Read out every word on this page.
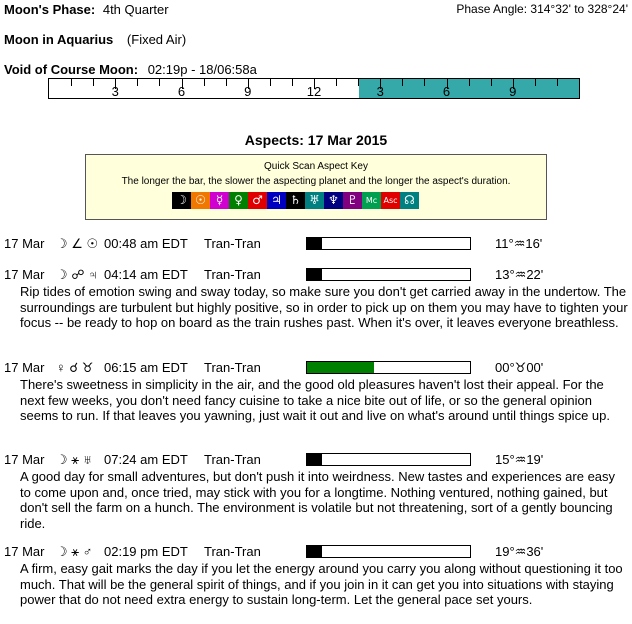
Moon's Phase: 4th Quarter	Phase Angle: 314°32' to 328°24'
Moon in Aquarius (Fixed Air)
Void of Course Moon: 02:19p - 18/06:58a
3	6	9	12	3	6	9
Aspects: 17 Mar 2015
Quick Scan Aspect Key
The longer the bar, the slower the aspecting planet and the longer the aspect's duration.
☽ ☉ ☿ ♀ ♂ ♃ ♄ ♅ ♆ ♇ Mc Asc ☊
17 Mar ☽ ∠ ☉ 00:48 am EDT Tran-Tran	11°♒16'
17 Mar ☽ ☍ ♃ 04:14 am EDT Tran-Tran	13°♒22'
Rip tides of emotion swing and sway today, so make sure you don't get carried away in the undertow. The surroundings are turbulent but highly positive, so in order to pick up on them you may have to tighten your focus -- be ready to hop on board as the train rushes past. When it's over, it leaves everyone breathless.
17 Mar ♀ ☌ ♉ 06:15 am EDT Tran-Tran	00°♉00'
There's sweetness in simplicity in the air, and the good old pleasures haven't lost their appeal. For the next few weeks, you don't need fancy cuisine to take a nice bite out of life, or so the general opinion seems to run. If that leaves you yawning, just wait it out and live on what's around until things spice up.
17 Mar ☽ ⚹ ♅ 07:24 am EDT Tran-Tran	15°♒19'
A good day for small adventures, but don't push it into weirdness. New tastes and experiences are easy to come upon and, once tried, may stick with you for a longtime. Nothing ventured, nothing gained, but don't sell the farm on a hunch. The environment is volatile but not threatening, sort of a gently bouncing ride.
17 Mar ☽ ⚹ ♂ 02:19 pm EDT Tran-Tran	19°♒36'
A firm, easy gait marks the day if you let the energy around you carry you along without questioning it too much. That will be the general spirit of things, and if you join in it can get you into situations with staying power that do not need extra energy to sustain long-term. Let the general pace set yours.
